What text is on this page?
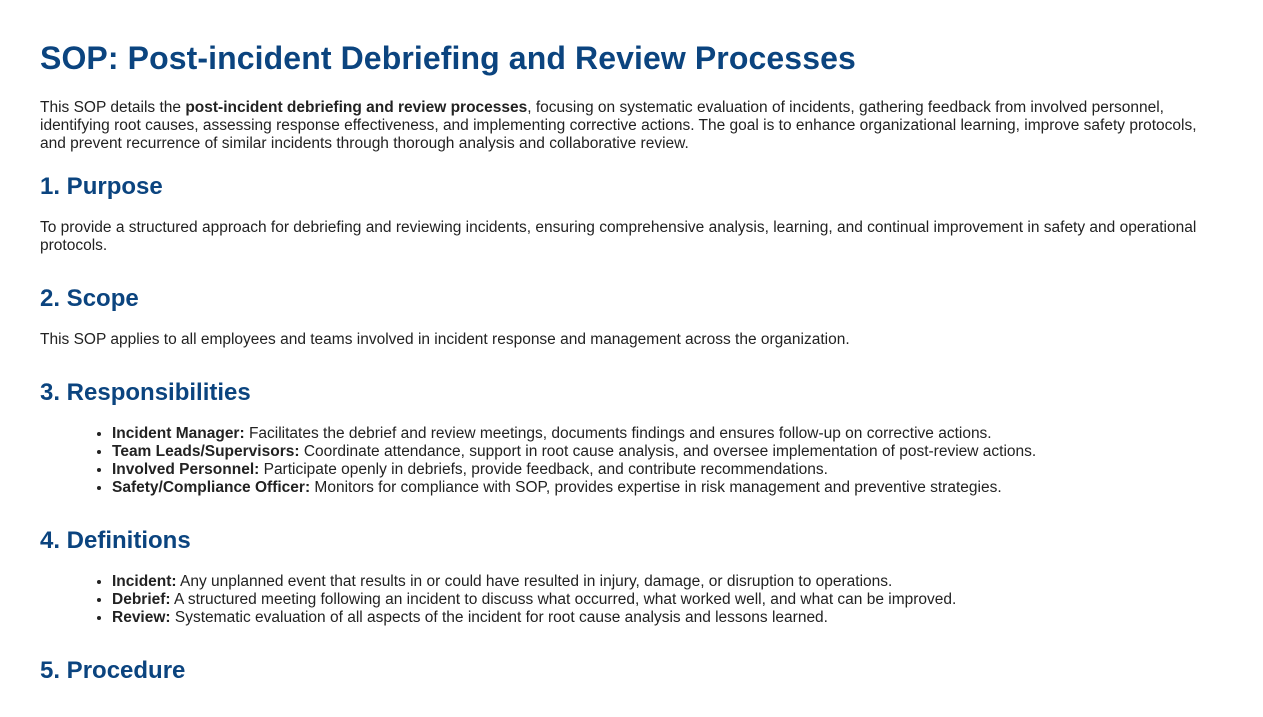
SOP: Post-incident Debriefing and Review Processes
This SOP details the post-incident debriefing and review processes, focusing on systematic evaluation of incidents, gathering feedback from involved personnel, identifying root causes, assessing response effectiveness, and implementing corrective actions. The goal is to enhance organizational learning, improve safety protocols, and prevent recurrence of similar incidents through thorough analysis and collaborative review.
1. Purpose

To provide a structured approach for debriefing and reviewing incidents, ensuring comprehensive analysis, learning, and continual improvement in safety and operational protocols.

2. Scope

This SOP applies to all employees and teams involved in incident response and management across the organization.

3. Responsibilities
• Incident Manager: Facilitates the debrief and review meetings, documents findings and ensures follow-up on corrective actions.
• Team Leads/Supervisors: Coordinate attendance, support in root cause analysis, and oversee implementation of post-review actions.
• Involved Personnel: Participate openly in debriefs, provide feedback, and contribute recommendations.
• Safety/Compliance Officer: Monitors for compliance with SOP, provides expertise in risk management and preventive strategies.
4. Definitions
• Incident: Any unplanned event that results in or could have resulted in injury, damage, or disruption to operations.
• Debrief: A structured meeting following an incident to discuss what occurred, what worked well, and what can be improved.
• Review: Systematic evaluation of all aspects of the incident for root cause analysis and lessons learned.
5. Procedure
